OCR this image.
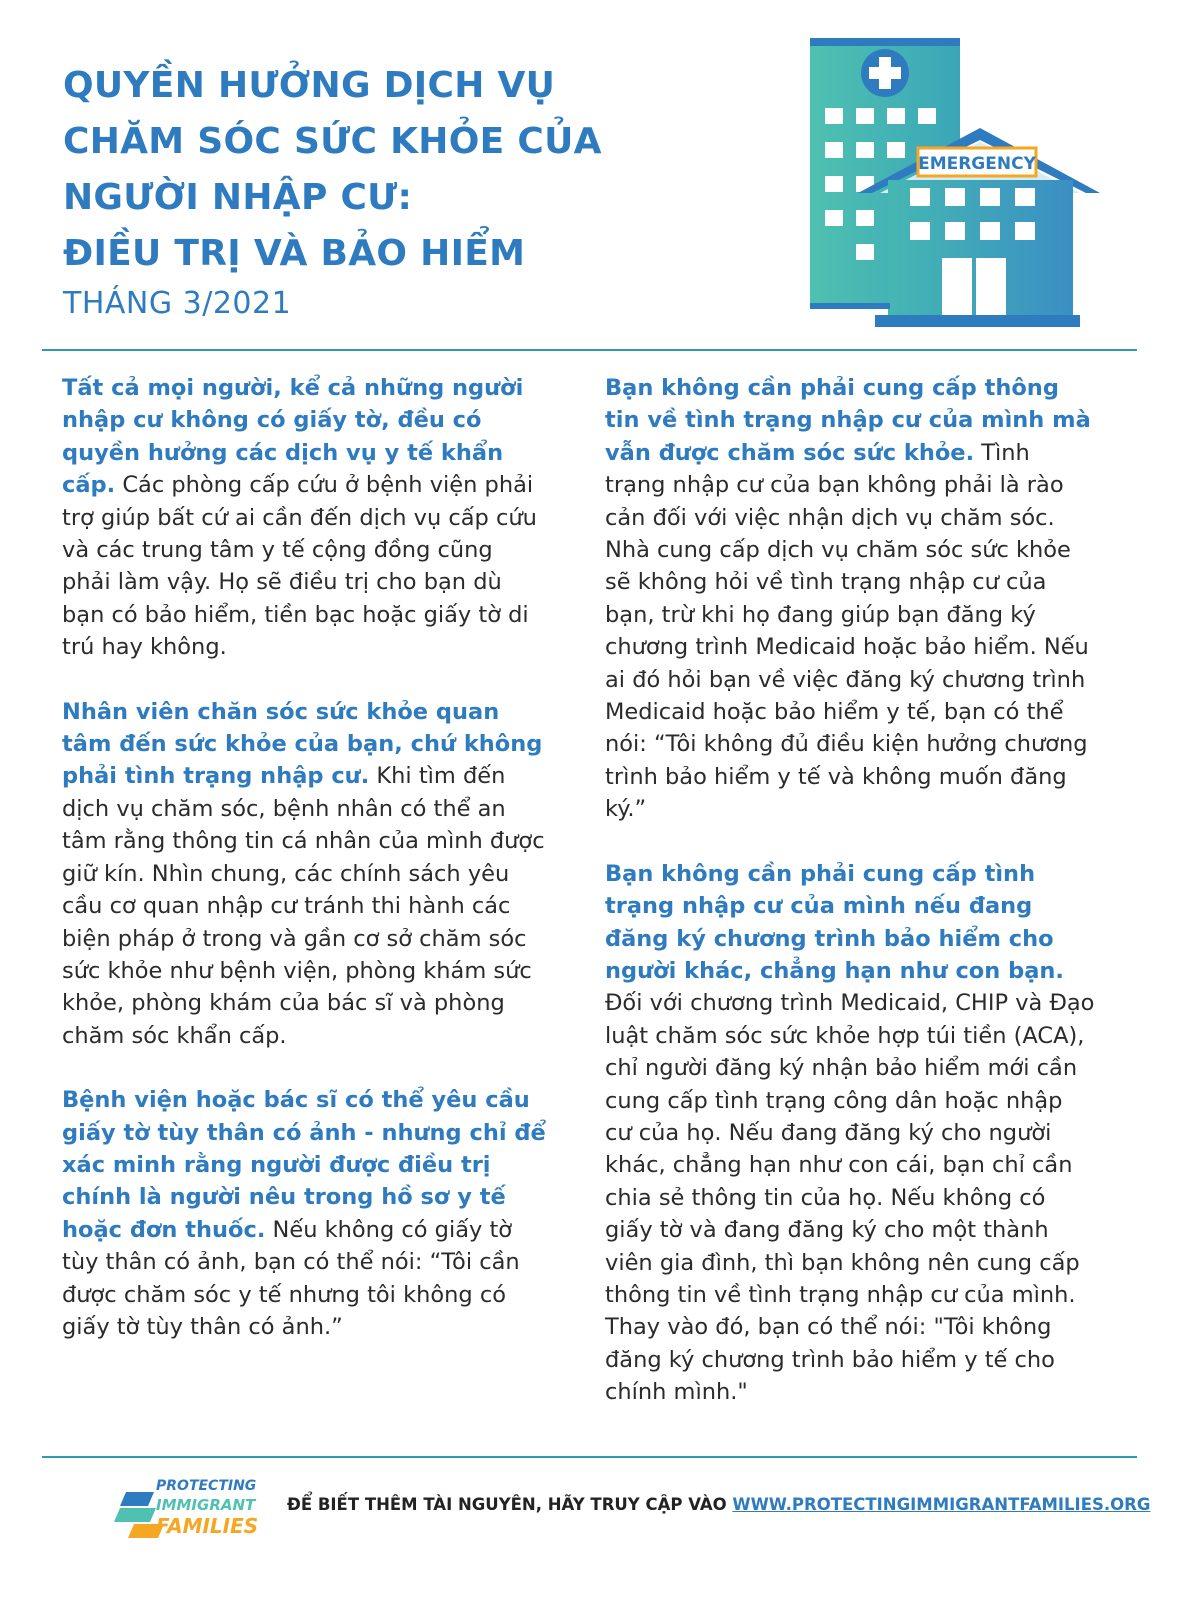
QUYỀN HƯỞNG DỊCH VỤ
CHĂM SÓC SỨC KHỎE CỦA
NGƯỜI NHẬP CƯ:
ĐIỀU TRỊ VÀ BẢO HIỂM
THÁNG 3/2021
EMERGENCY

Tất cả mọi người, kể cả những người nhập cư không có giấy tờ, đều có quyền hưởng các dịch vụ y tế khẩn cấp. Các phòng cấp cứu ở bệnh viện phải trợ giúp bất cứ ai cần đến dịch vụ cấp cứu và các trung tâm y tế cộng đồng cũng phải làm vậy. Họ sẽ điều trị cho bạn dù bạn có bảo hiểm, tiền bạc hoặc giấy tờ di trú hay không.

Nhân viên chăn sóc sức khỏe quan tâm đến sức khỏe của bạn, chứ không phải tình trạng nhập cư. Khi tìm đến dịch vụ chăm sóc, bệnh nhân có thể an tâm rằng thông tin cá nhân của mình được giữ kín. Nhìn chung, các chính sách yêu cầu cơ quan nhập cư tránh thi hành các biện pháp ở trong và gần cơ sở chăm sóc sức khỏe như bệnh viện, phòng khám sức khỏe, phòng khám của bác sĩ và phòng chăm sóc khẩn cấp.

Bệnh viện hoặc bác sĩ có thể yêu cầu giấy tờ tùy thân có ảnh - nhưng chỉ để xác minh rằng người được điều trị chính là người nêu trong hồ sơ y tế hoặc đơn thuốc. Nếu không có giấy tờ tùy thân có ảnh, bạn có thể nói: “Tôi cần được chăm sóc y tế nhưng tôi không có giấy tờ tùy thân có ảnh.”

Bạn không cần phải cung cấp thông tin về tình trạng nhập cư của mình mà vẫn được chăm sóc sức khỏe. Tình trạng nhập cư của bạn không phải là rào cản đối với việc nhận dịch vụ chăm sóc. Nhà cung cấp dịch vụ chăm sóc sức khỏe sẽ không hỏi về tình trạng nhập cư của bạn, trừ khi họ đang giúp bạn đăng ký chương trình Medicaid hoặc bảo hiểm. Nếu ai đó hỏi bạn về việc đăng ký chương trình Medicaid hoặc bảo hiểm y tế, bạn có thể nói: “Tôi không đủ điều kiện hưởng chương trình bảo hiểm y tế và không muốn đăng ký.”

Bạn không cần phải cung cấp tình trạng nhập cư của mình nếu đang đăng ký chương trình bảo hiểm cho người khác, chẳng hạn như con bạn. Đối với chương trình Medicaid, CHIP và Đạo luật chăm sóc sức khỏe hợp túi tiền (ACA), chỉ người đăng ký nhận bảo hiểm mới cần cung cấp tình trạng công dân hoặc nhập cư của họ. Nếu đang đăng ký cho người khác, chẳng hạn như con cái, bạn chỉ cần chia sẻ thông tin của họ. Nếu không có giấy tờ và đang đăng ký cho một thành viên gia đình, thì bạn không nên cung cấp thông tin về tình trạng nhập cư của mình. Thay vào đó, bạn có thể nói: "Tôi không đăng ký chương trình bảo hiểm y tế cho chính mình."

PROTECTING
IMMIGRANT
FAMILIES
ĐỂ BIẾT THÊM TÀI NGUYÊN, HÃY TRUY CẬP VÀO WWW.PROTECTINGIMMIGRANTFAMILIES.ORG
